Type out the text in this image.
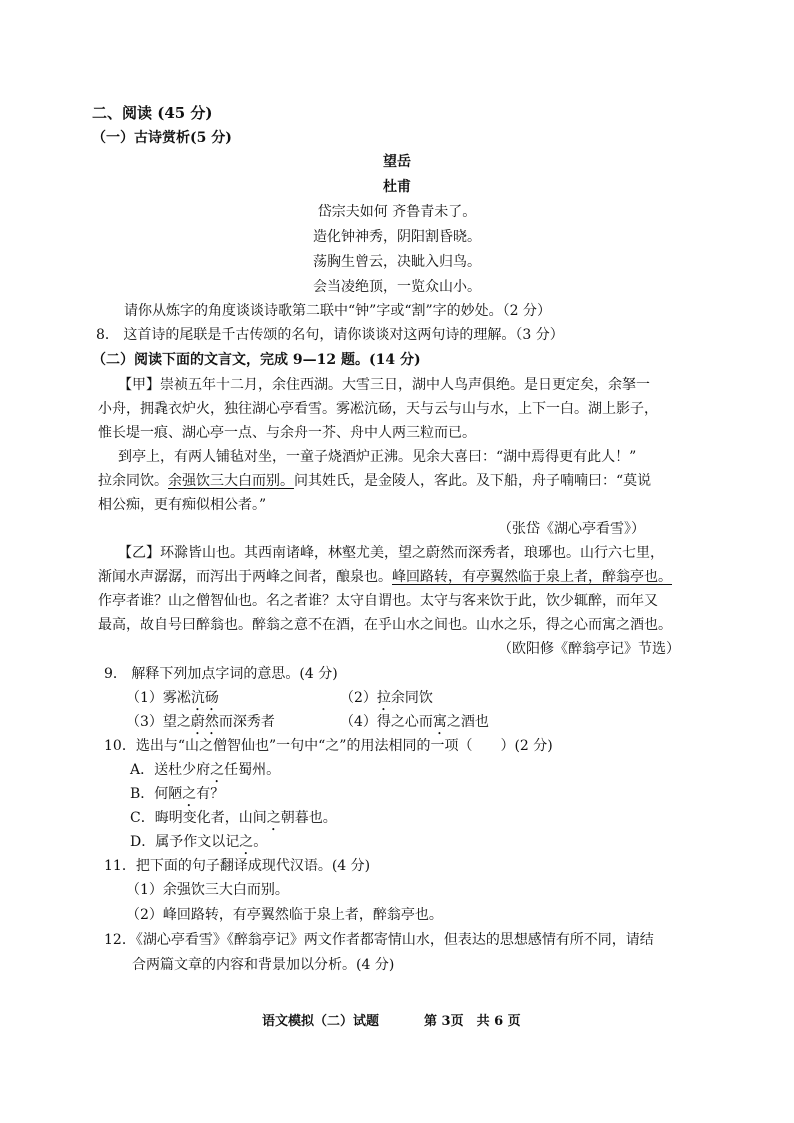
二、阅读 (45 分)
（一）古诗赏析(5 分)
望岳
杜甫
岱宗夫如何 齐鲁青未了。
造化钟神秀，阴阳割昏晓。
荡胸生曾云，决眦入归鸟。
会当凌绝顶，一览众山小。
请你从炼字的角度谈谈诗歌第二联中“钟”字或“割”字的妙处。（2 分）
8． 这首诗的尾联是千古传颂的名句，请你谈谈对这两句诗的理解。（3 分）
（二）阅读下面的文言文，完成 9—12 题。(14 分)
【甲】崇祯五年十二月，余住西湖。大雪三日，湖中人鸟声俱绝。是日更定矣，余拏一
小舟，拥毳衣炉火，独往湖心亭看雪。雾凇沆砀，天与云与山与水，上下一白。湖上影子，
惟长堤一痕、湖心亭一点、与余舟一芥、舟中人两三粒而已。
到亭上，有两人铺毡对坐，一童子烧酒炉正沸。见余大喜曰：“湖中焉得更有此人！”
拉余同饮。余强饮三大白而别。问其姓氏，是金陵人，客此。及下船，舟子喃喃曰：“莫说
相公痴，更有痴似相公者。”
（张岱《湖心亭看雪》）
【乙】环滁皆山也。其西南诸峰，林壑尤美，望之蔚然而深秀者，琅琊也。山行六七里，
渐闻水声潺潺，而泻出于两峰之间者，酿泉也。峰回路转，有亭翼然临于泉上者，醉翁亭也。
作亭者谁？山之僧智仙也。名之者谁？太守自谓也。太守与客来饮于此，饮少辄醉，而年又
最高，故自号曰醉翁也。醉翁之意不在酒，在乎山水之间也。山水之乐，得之心而寓之酒也。
（欧阳修《醉翁亭记》节选）
9． 解释下列加点字词的意思。(4 分)
（1）雾凇沆砀	（2）拉余同饮
（3）望之蔚然而深秀者	（4）得之心而寓之酒也
10．选出与“山之僧智仙也”一句中“之”的用法相同的一项（　　）(2 分)
A．送杜少府之任蜀州。
B．何陋之有？
C．晦明变化者，山间之朝暮也。
D．属予作文以记之。
11．把下面的句子翻译成现代汉语。(4 分)
（1）余强饮三大白而别。
（2）峰回路转，有亭翼然临于泉上者，醉翁亭也。
12．《湖心亭看雪》《醉翁亭记》两文作者都寄情山水，但表达的思想感情有所不同，请结
合两篇文章的内容和背景加以分析。(4 分)
语文模拟（二）试题	第 3页　共 6 页
